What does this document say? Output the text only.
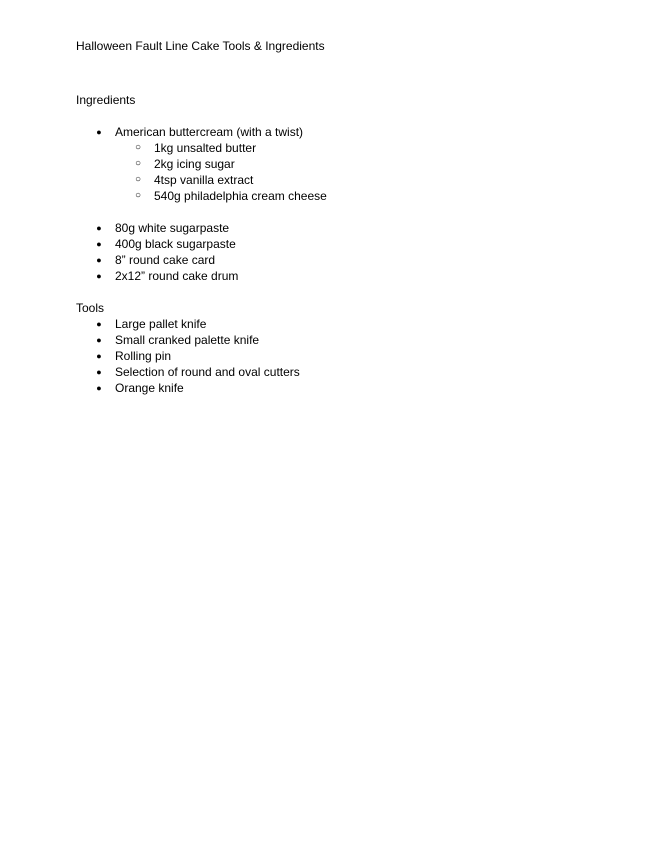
Halloween Fault Line Cake Tools & Ingredients
Ingredients
● American buttercream (with a twist)
○ 1kg unsalted butter
○ 2kg icing sugar
○ 4tsp vanilla extract
○ 540g philadelphia cream cheese
● 80g white sugarpaste
● 400g black sugarpaste
● 8” round cake card
● 2x12” round cake drum
Tools
● Large pallet knife
● Small cranked palette knife
● Rolling pin
● Selection of round and oval cutters
● Orange knife
